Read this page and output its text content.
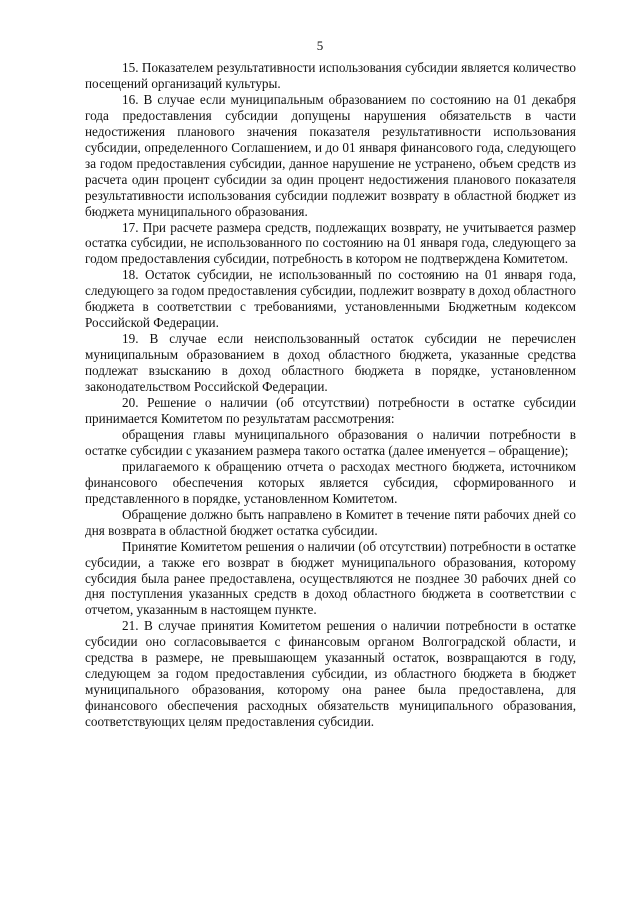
5

15. Показателем результативности использования субсидии является количество посещений организаций культуры.

16. В случае если муниципальным образованием по состоянию на 01 декабря года предоставления субсидии допущены нарушения обязательств в части недостижения планового значения показателя результативности использования субсидии, определенного Соглашением, и до 01 января финансового года, следующего за годом предоставления субсидии, данное нарушение не устранено, объем средств из расчета один процент субсидии за один процент недостижения планового показателя результативности использования субсидии подлежит возврату в областной бюджет из бюджета муниципального образования.

17. При расчете размера средств, подлежащих возврату, не учитывается размер остатка субсидии, не использованного по состоянию на 01 января года, следующего за годом предоставления субсидии, потребность в котором не подтверждена Комитетом.

18. Остаток субсидии, не использованный по состоянию на 01 января года, следующего за годом предоставления субсидии, подлежит возврату в доход областного бюджета в соответствии с требованиями, установленными Бюджетным кодексом Российской Федерации.

19. В случае если неиспользованный остаток субсидии не перечислен муниципальным образованием в доход областного бюджета, указанные средства подлежат взысканию в доход областного бюджета в порядке, установленном законодательством Российской Федерации.

20. Решение о наличии (об отсутствии) потребности в остатке субсидии принимается Комитетом по результатам рассмотрения:

обращения главы муниципального образования о наличии потребности в остатке субсидии с указанием размера такого остатка (далее именуется – обращение);

прилагаемого к обращению отчета о расходах местного бюджета, источником финансового обеспечения которых является субсидия, сформированного и представленного в порядке, установленном Комитетом.

Обращение должно быть направлено в Комитет в течение пяти рабочих дней со дня возврата в областной бюджет остатка субсидии.

Принятие Комитетом решения о наличии (об отсутствии) потребности в остатке субсидии, а также его возврат в бюджет муниципального образования, которому субсидия была ранее предоставлена, осуществляются не позднее 30 рабочих дней со дня поступления указанных средств в доход областного бюджета в соответствии с отчетом, указанным в настоящем пункте.

21. В случае принятия Комитетом решения о наличии потребности в остатке субсидии оно согласовывается с финансовым органом Волгоградской области, и средства в размере, не превышающем указанный остаток, возвращаются в году, следующем за годом предоставления субсидии, из областного бюджета в бюджет муниципального образования, которому она ранее была предоставлена, для финансового обеспечения расходных обязательств муниципального образования, соответствующих целям предоставления субсидии.
